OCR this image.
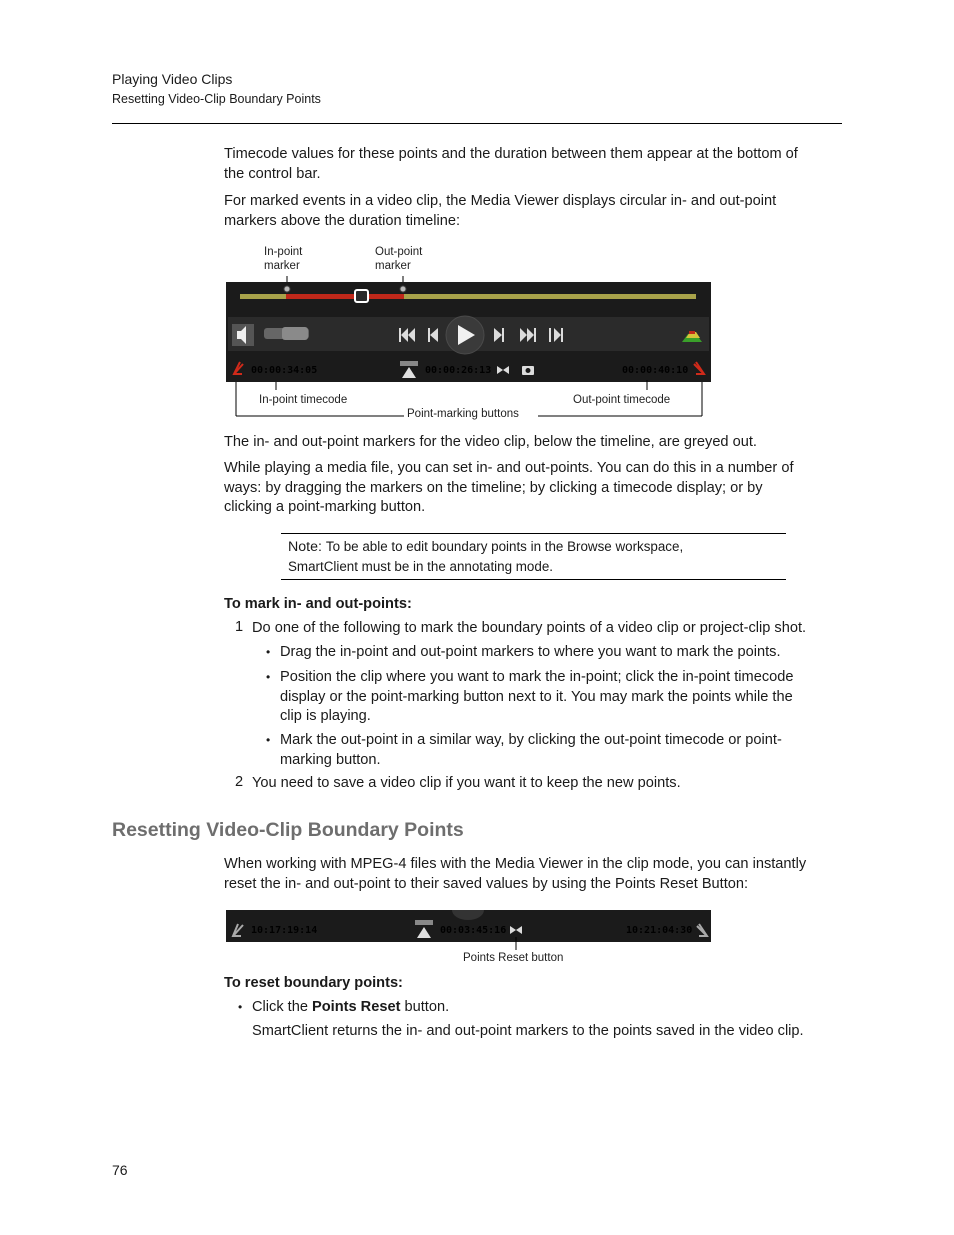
Playing Video Clips
Resetting Video-Clip Boundary Points
Timecode values for these points and the duration between them appear at the bottom of
the control bar.
For marked events in a video clip, the Media Viewer displays circular in- and out-point
markers above the duration timeline:
In-point
marker
Out-point
marker
00:00:34:05	00:00:26:13	00:00:40:10
In-point timecode
Point-marking buttons
Out-point timecode
The in- and out-point markers for the video clip, below the timeline, are greyed out.
While playing a media file, you can set in- and out-points. You can do this in a number of
ways: by dragging the markers on the timeline; by clicking a timecode display; or by
clicking a point-marking button.
Note: To be able to edit boundary points in the Browse workspace,
SmartClient must be in the annotating mode.
To mark in- and out-points:
1 Do one of the following to mark the boundary points of a video clip or project-clip shot.
• Drag the in-point and out-point markers to where you want to mark the points.
• Position the clip where you want to mark the in-point; click the in-point timecode
display or the point-marking button next to it. You may mark the points while the
clip is playing.
• Mark the out-point in a similar way, by clicking the out-point timecode or point-
marking button.
2 You need to save a video clip if you want it to keep the new points.
Resetting Video-Clip Boundary Points
When working with MPEG-4 files with the Media Viewer in the clip mode, you can instantly
reset the in- and out-point to their saved values by using the Points Reset Button:
10:17:19:14	00:03:45:16	10:21:04:30
Points Reset button
To reset boundary points:
• Click the Points Reset button.
SmartClient returns the in- and out-point markers to the points saved in the video clip.
76
